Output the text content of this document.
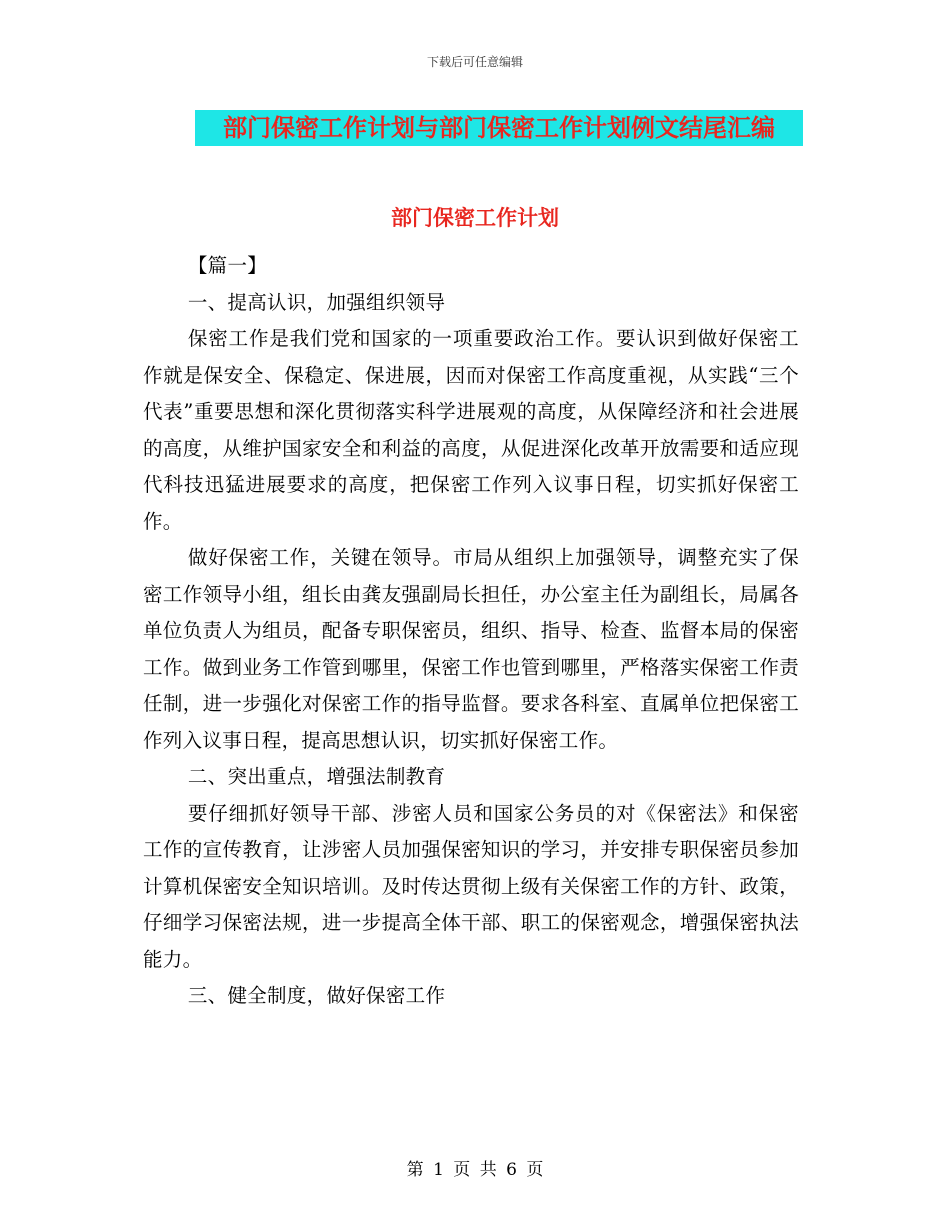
下载后可任意编辑
部门保密工作计划与部门保密工作计划例文结尾汇编
部门保密工作计划

【篇一】

一、提高认识，加强组织领导

保密工作是我们党和国家的一项重要政治工作。要认识到做好保密工作就是保安全、保稳定、保进展，因而对保密工作高度重视，从实践“三个代表”重要思想和深化贯彻落实科学进展观的高度，从保障经济和社会进展的高度，从维护国家安全和利益的高度，从促进深化改革开放需要和适应现代科技迅猛进展要求的高度，把保密工作列入议事日程，切实抓好保密工作。

做好保密工作，关键在领导。市局从组织上加强领导，调整充实了保密工作领导小组，组长由龚友强副局长担任，办公室主任为副组长，局属各单位负责人为组员，配备专职保密员，组织、指导、检查、监督本局的保密工作。做到业务工作管到哪里，保密工作也管到哪里，严格落实保密工作责任制，进一步强化对保密工作的指导监督。要求各科室、直属单位把保密工作列入议事日程，提高思想认识，切实抓好保密工作。

二、突出重点，增强法制教育

要仔细抓好领导干部、涉密人员和国家公务员的对《保密法》和保密工作的宣传教育，让涉密人员加强保密知识的学习，并安排专职保密员参加计算机保密安全知识培训。及时传达贯彻上级有关保密工作的方针、政策，仔细学习保密法规，进一步提高全体干部、职工的保密观念，增强保密执法能力。

三、健全制度，做好保密工作

第 1 页 共 6 页
